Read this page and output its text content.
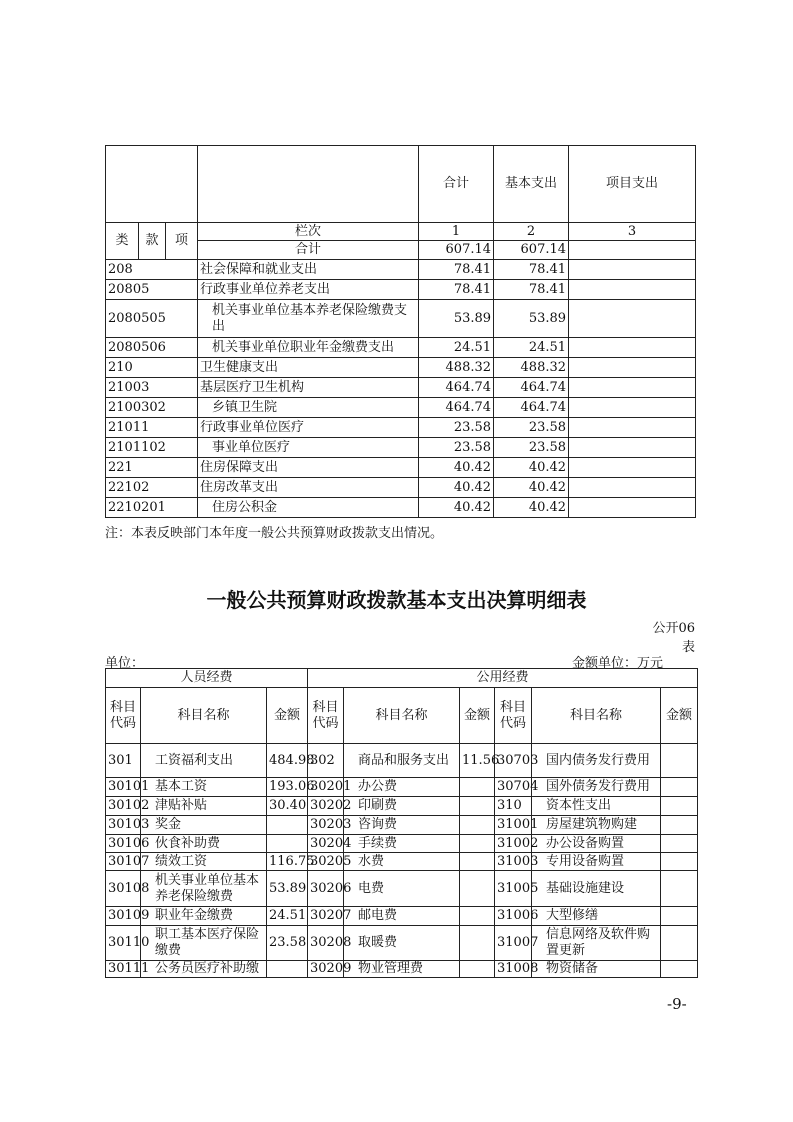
				合计	基本支出	项目支出
类	款	项	栏次	1	2	3
			合计	607.14	607.14	
208			社会保障和就业支出	78.41	78.41	
20805			行政事业单位养老支出	78.41	78.41	
2080505			机关事业单位基本养老保险缴费支出	53.89	53.89	
2080506			机关事业单位职业年金缴费支出	24.51	24.51	
210			卫生健康支出	488.32	488.32	
21003			基层医疗卫生机构	464.74	464.74	
2100302			乡镇卫生院	464.74	464.74	
21011			行政事业单位医疗	23.58	23.58	
2101102			事业单位医疗	23.58	23.58	
221			住房保障支出	40.42	40.42	
22102			住房改革支出	40.42	40.42	
2210201			住房公积金	40.42	40.42	
注：本表反映部门本年度一般公共预算财政拨款支出情况。
一般公共预算财政拨款基本支出决算明细表
公开06
表
单位：	金额单位：万元
人员经费			公用经费					
科目代码	科目名称	金额	科目代码	科目名称	金额	科目代码	科目名称	金额
301	工资福利支出	484.98	302	商品和服务支出	11.56	30703	国内债务发行费用	
30101	基本工资	193.06	30201	办公费		30704	国外债务发行费用	
30102	津贴补贴	30.40	30202	印刷费		310	资本性支出	
30103	奖金		30203	咨询费		31001	房屋建筑物购建	
30106	伙食补助费		30204	手续费		31002	办公设备购置	
30107	绩效工资	116.75	30205	水费		31003	专用设备购置	
30108	机关事业单位基本养老保险缴费	53.89	30206	电费		31005	基础设施建设	
30109	职业年金缴费	24.51	30207	邮电费		31006	大型修缮	
30110	职工基本医疗保险缴费	23.58	30208	取暖费		31007	信息网络及软件购置更新	
30111	公务员医疗补助缴		30209	物业管理费		31008	物资储备	
-9-
